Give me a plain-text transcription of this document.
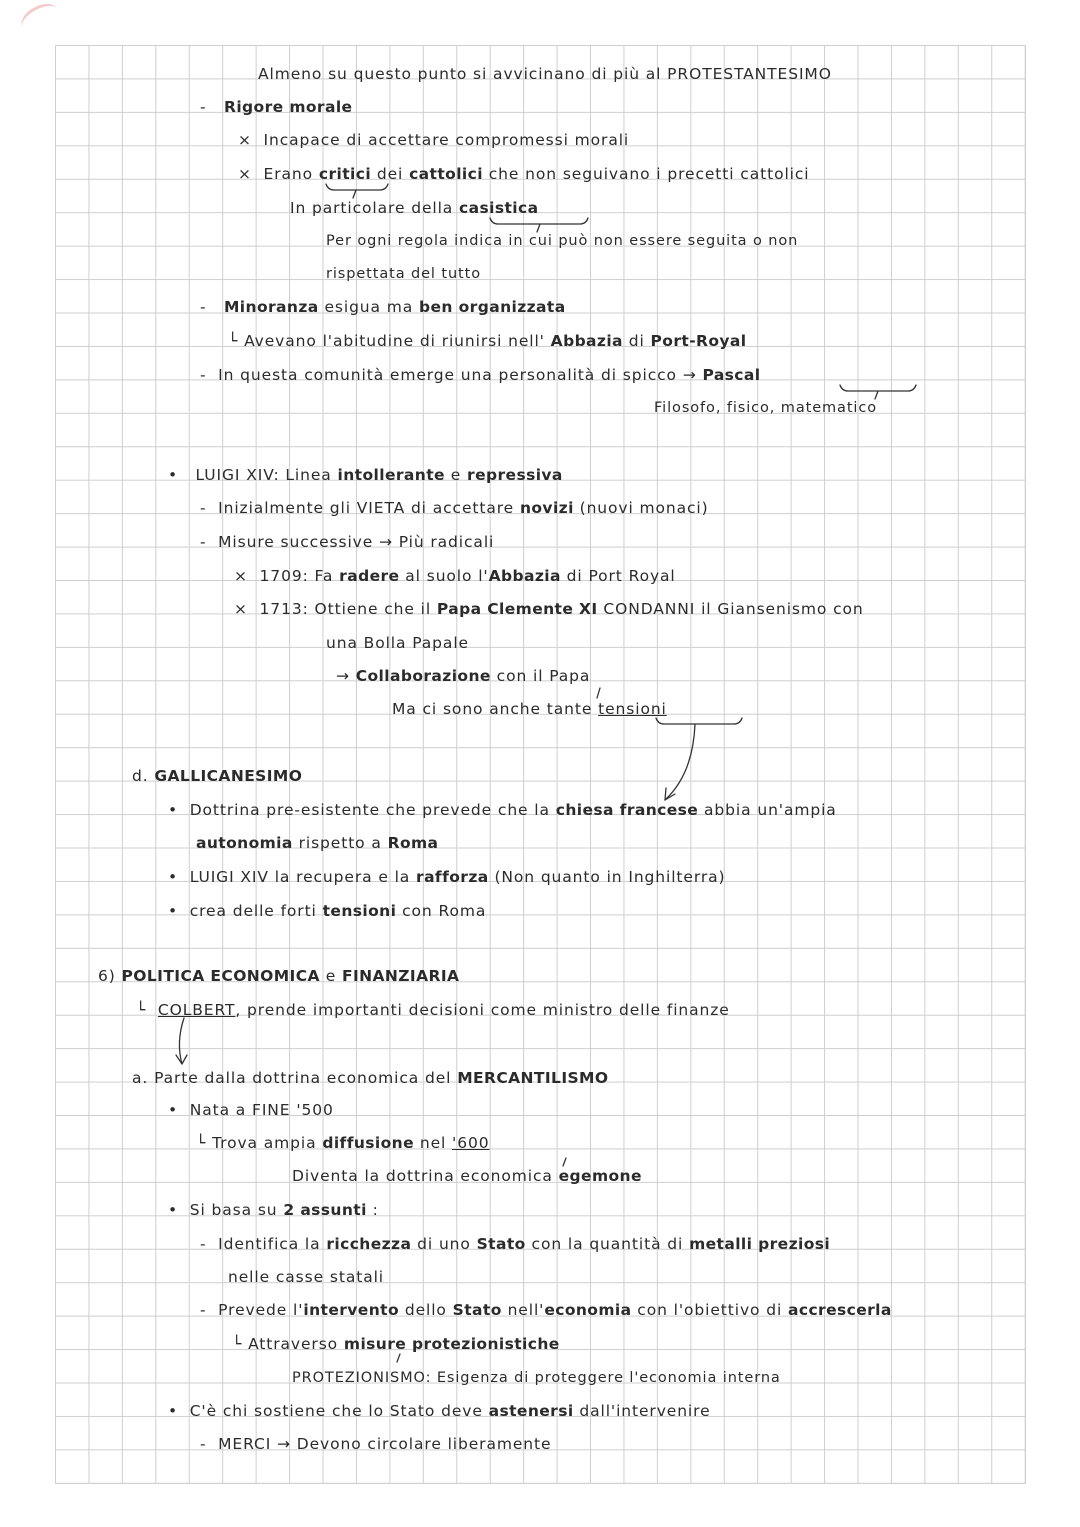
Almeno su questo punto si avvicinano di più al PROTESTANTESIMO
- Rigore morale
× Incapace di accettare compromessi morali
× Erano critici dei cattolici che non seguivano i precetti cattolici
In particolare della casistica
Per ogni regola indica in cui può non essere seguita o non
rispettata del tutto
- Minoranza esigua ma ben organizzata
└ Avevano l'abitudine di riunirsi nell' Abbazia di Port-Royal
- In questa comunità emerge una personalità di spicco → Pascal
Filosofo, fisico, matematico
• LUIGI XIV: Linea intollerante e repressiva
- Inizialmente gli VIETA di accettare novizi (nuovi monaci)
- Misure successive → Più radicali
× 1709: Fa radere al suolo l'Abbazia di Port Royal
× 1713: Ottiene che il Papa Clemente XI CONDANNI il Giansenismo con
una Bolla Papale
→ Collaborazione con il Papa
Ma ci sono anche tante tensioni
d. GALLICANESIMO
• Dottrina pre-esistente che prevede che la chiesa francese abbia un'ampia
autonomia rispetto a Roma
• LUIGI XIV la recupera e la rafforza (Non quanto in Inghilterra)
• crea delle forti tensioni con Roma
6) POLITICA ECONOMICA e FINANZIARIA
└ COLBERT, prende importanti decisioni come ministro delle finanze
a. Parte dalla dottrina economica del MERCANTILISMO
• Nata a FINE '500
└ Trova ampia diffusione nel '600
Diventa la dottrina economica egemone
• Si basa su 2 assunti :
- Identifica la ricchezza di uno Stato con la quantità di metalli preziosi
nelle casse statali
- Prevede l'intervento dello Stato nell'economia con l'obiettivo di accrescerla
└ Attraverso misure protezionistiche
PROTEZIONISMO: Esigenza di proteggere l'economia interna
• C'è chi sostiene che lo Stato deve astenersi dall'intervenire
- MERCI → Devono circolare liberamente
